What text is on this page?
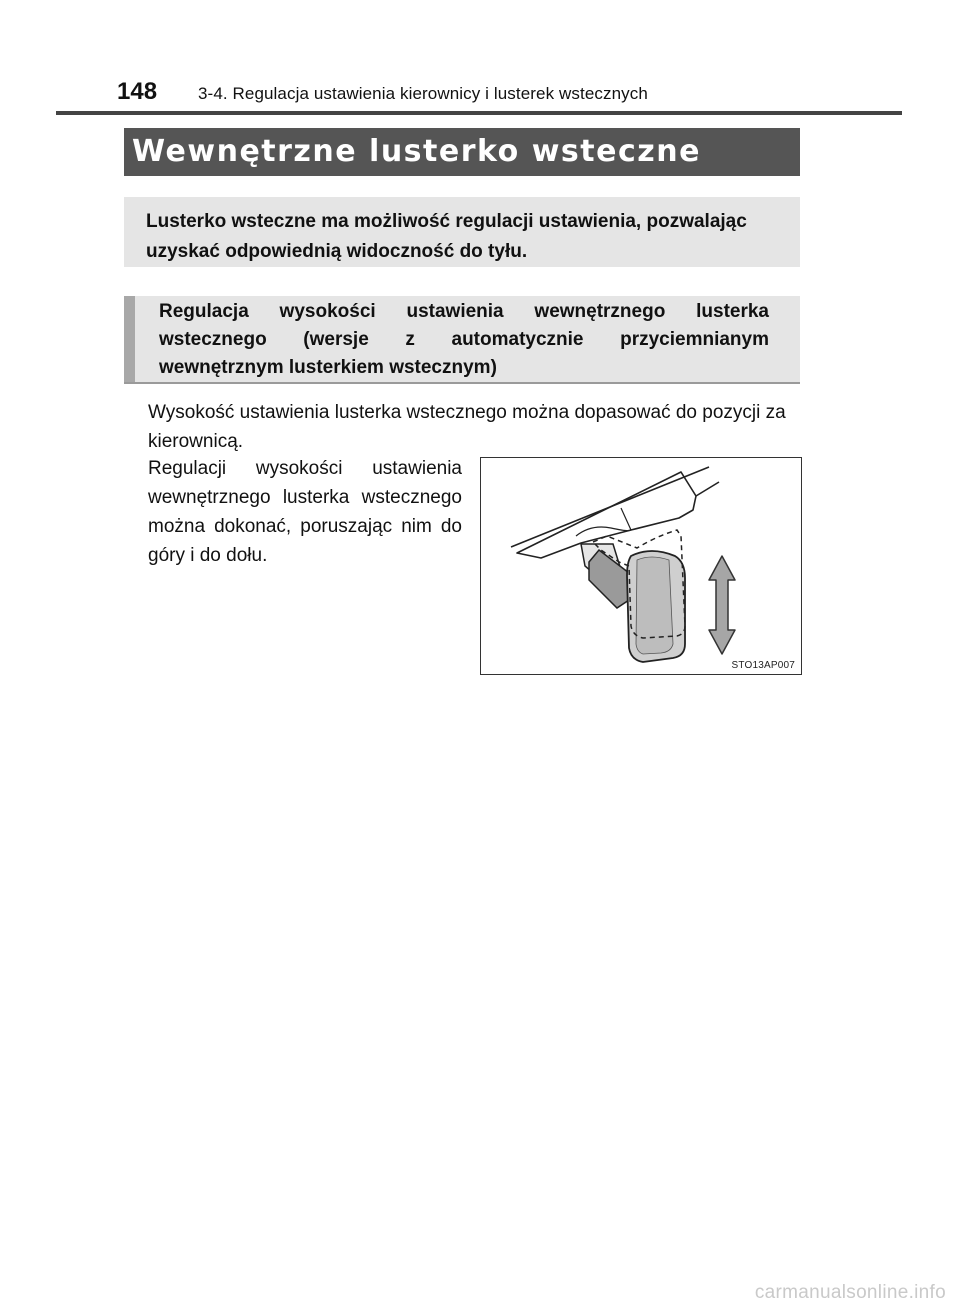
148 3-4. Regulacja ustawienia kierownicy i lusterek wstecznych
Wewnętrzne lusterko wsteczne
Lusterko wsteczne ma możliwość regulacji ustawienia, pozwalając uzyskać odpowiednią widoczność do tyłu.
Regulacja wysokości ustawienia wewnętrznego lusterka wstecznego (wersje z automatycznie przyciemnianym wewnętrznym lusterkiem wstecznym)
Wysokość ustawienia lusterka wstecznego można dopasować do pozycji za kierownicą.
Regulacji wysokości ustawienia wewnętrznego lusterka wstecznego można dokonać, poruszając nim do góry i do dołu.
STO13AP007
carmanualsonline.info
